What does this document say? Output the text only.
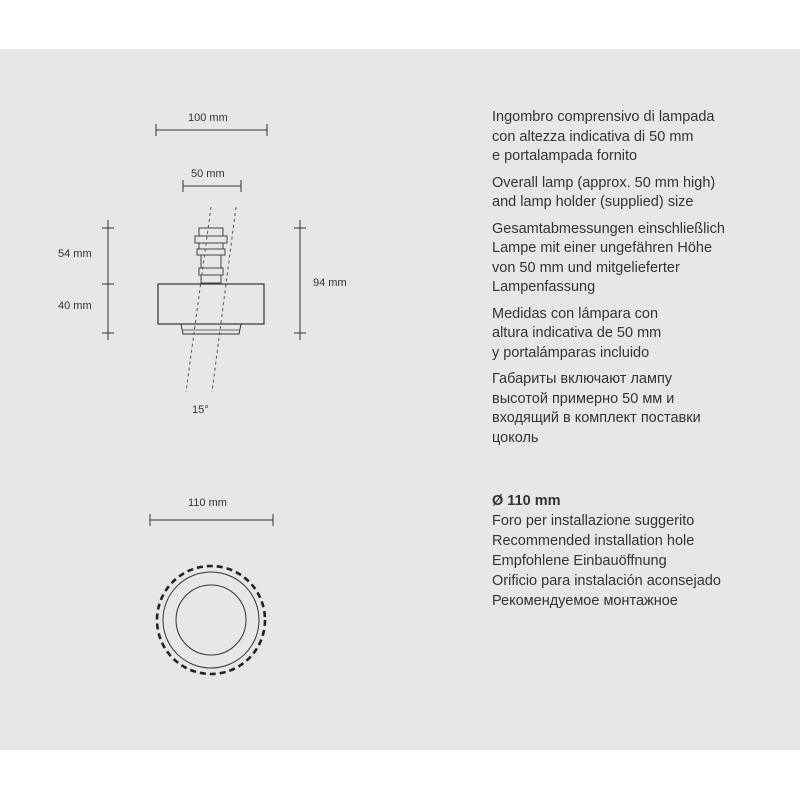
100 mm
50 mm
54 mm
40 mm
94 mm
15°
110 mm
Ingombro comprensivo di lampada
con altezza indicativa di 50 mm
e portalampada fornito
Overall lamp (approx. 50 mm high)
and lamp holder (supplied) size
Gesamtabmessungen einschließlich
Lampe mit einer ungefähren Höhe
von 50 mm und mitgelieferter
Lampenfassung
Medidas con lámpara con
altura indicativa de 50 mm
y portalámparas incluido
Габариты включают лампу
высотой примерно 50 мм и
входящий в комплект поставки
цоколь
Ø 110 mm
Foro per installazione suggerito
Recommended installation hole
Empfohlene Einbauöffnung
Orificio para instalación aconsejado
Рекомендуемое монтажное
